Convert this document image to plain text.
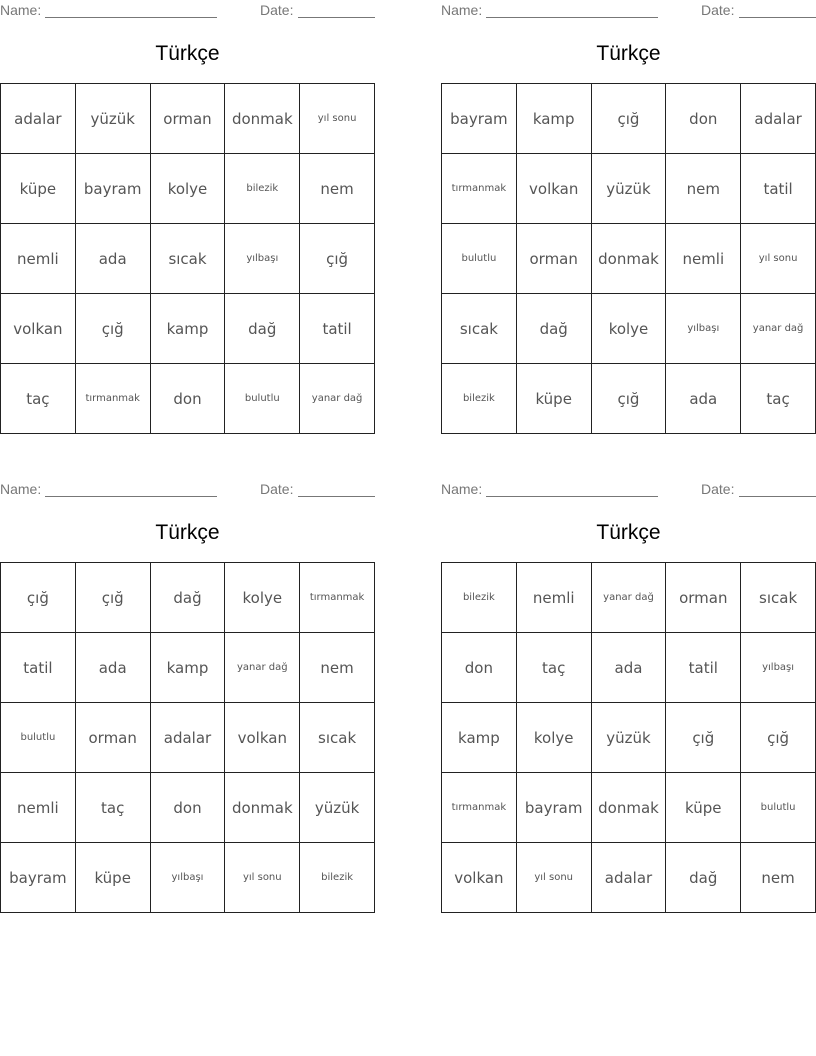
Name:	Date:
Türkçe
adalar	yüzük	orman	donmak	yıl sonu
küpe	bayram	kolye	bilezik	nem
nemli	ada	sıcak	yılbaşı	çığ
volkan	çığ	kamp	dağ	tatil
taç	tırmanmak	don	bulutlu	yanar dağ
Name:	Date:
Türkçe
bayram	kamp	çığ	don	adalar
tırmanmak	volkan	yüzük	nem	tatil
bulutlu	orman	donmak	nemli	yıl sonu
sıcak	dağ	kolye	yılbaşı	yanar dağ
bilezik	küpe	çığ	ada	taç
Name:	Date:
Türkçe
çığ	çığ	dağ	kolye	tırmanmak
tatil	ada	kamp	yanar dağ	nem
bulutlu	orman	adalar	volkan	sıcak
nemli	taç	don	donmak	yüzük
bayram	küpe	yılbaşı	yıl sonu	bilezik
Name:	Date:
Türkçe
bilezik	nemli	yanar dağ	orman	sıcak
don	taç	ada	tatil	yılbaşı
kamp	kolye	yüzük	çığ	çığ
tırmanmak	bayram	donmak	küpe	bulutlu
volkan	yıl sonu	adalar	dağ	nem
